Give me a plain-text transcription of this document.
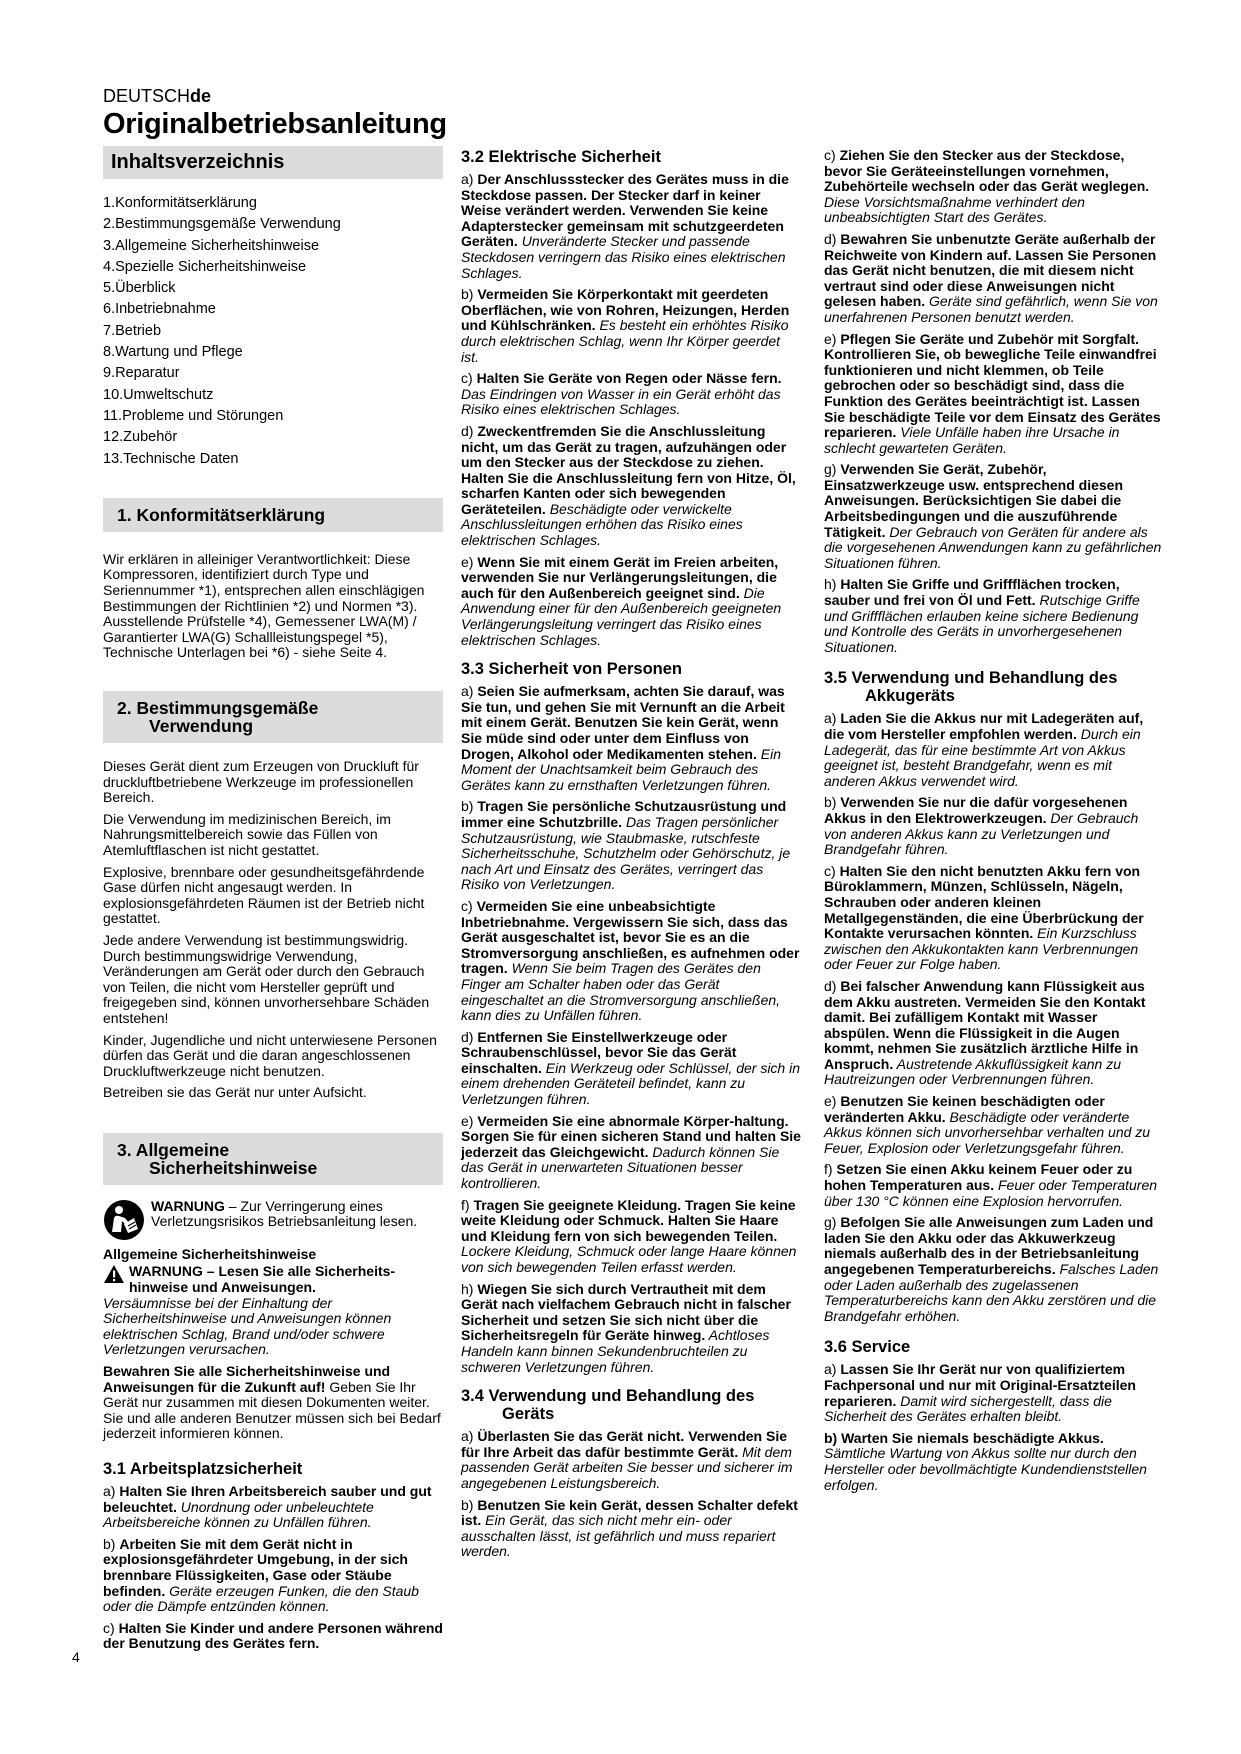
DEUTSCHde
Originalbetriebsanleitung
Inhaltsverzeichnis
1.Konformitätserklärung
2.Bestimmungsgemäße Verwendung
3.Allgemeine Sicherheitshinweise
4.Spezielle Sicherheitshinweise
5.Überblick
6.Inbetriebnahme
7.Betrieb
8.Wartung und Pflege
9.Reparatur
10.Umweltschutz
11.Probleme und Störungen
12.Zubehör
13.Technische Daten
1. Konformitätserklärung

Wir erklären in alleiniger Verantwortlichkeit: Diese Kompressoren, identifiziert durch Type und Seriennummer *1), entsprechen allen einschlägigen Bestimmungen der Richtlinien *2) und Normen *3). Ausstellende Prüfstelle *4), Gemessener LWA(M) / Garantierter LWA(G) Schallleistungspegel *5), Technische Unterlagen bei *6) - siehe Seite 4.

2. Bestimmungsgemäße
Verwendung

Dieses Gerät dient zum Erzeugen von Druckluft für druckluftbetriebene Werkzeuge im professionellen Bereich.

Die Verwendung im medizinischen Bereich, im Nahrungsmittelbereich sowie das Füllen von Atemluftflaschen ist nicht gestattet.

Explosive, brennbare oder gesundheitsgefährdende Gase dürfen nicht angesaugt werden. In explosionsgefährdeten Räumen ist der Betrieb nicht gestattet.

Jede andere Verwendung ist bestimmungswidrig. Durch bestimmungswidrige Verwendung, Veränderungen am Gerät oder durch den Gebrauch von Teilen, die nicht vom Hersteller geprüft und freigegeben sind, können unvorhersehbare Schäden entstehen!

Kinder, Jugendliche und nicht unterwiesene Personen dürfen das Gerät und die daran angeschlossenen Druckluftwerkzeuge nicht benutzen.

Betreiben sie das Gerät nur unter Aufsicht.

3. Allgemeine
Sicherheitshinweise
WARNUNG – Zur Verringerung eines Verletzungsrisikos Betriebsanleitung lesen.

Allgemeine Sicherheitshinweise

WARNUNG – Lesen Sie alle Sicherheits-hinweise und Anweisungen.
Versäumnisse bei der Einhaltung der Sicherheitshinweise und Anweisungen können elektrischen Schlag, Brand und/oder schwere Verletzungen verursachen.

Bewahren Sie alle Sicherheitshinweise und Anweisungen für die Zukunft auf! Geben Sie Ihr Gerät nur zusammen mit diesen Dokumenten weiter. Sie und alle anderen Benutzer müssen sich bei Bedarf jederzeit informieren können.

3.1 Arbeitsplatzsicherheit

a) Halten Sie Ihren Arbeitsbereich sauber und gut beleuchtet. Unordnung oder unbeleuchtete Arbeitsbereiche können zu Unfällen führen.

b) Arbeiten Sie mit dem Gerät nicht in explosionsgefährdeter Umgebung, in der sich brennbare Flüssigkeiten, Gase oder Stäube befinden. Geräte erzeugen Funken, die den Staub oder die Dämpfe entzünden können.

c) Halten Sie Kinder und andere Personen während der Benutzung des Gerätes fern.

3.2 Elektrische Sicherheit

a) Der Anschlussstecker des Gerätes muss in die Steckdose passen. Der Stecker darf in keiner Weise verändert werden. Verwenden Sie keine Adapterstecker gemeinsam mit schutzgeerdeten Geräten. Unveränderte Stecker und passende Steckdosen verringern das Risiko eines elektrischen Schlages.

b) Vermeiden Sie Körperkontakt mit geerdeten Oberflächen, wie von Rohren, Heizungen, Herden und Kühlschränken. Es besteht ein erhöhtes Risiko durch elektrischen Schlag, wenn Ihr Körper geerdet ist.

c) Halten Sie Geräte von Regen oder Nässe fern. Das Eindringen von Wasser in ein Gerät erhöht das Risiko eines elektrischen Schlages.

d) Zweckentfremden Sie die Anschlussleitung nicht, um das Gerät zu tragen, aufzuhängen oder um den Stecker aus der Steckdose zu ziehen. Halten Sie die Anschlussleitung fern von Hitze, Öl, scharfen Kanten oder sich bewegenden Geräteteilen. Beschädigte oder verwickelte Anschlussleitungen erhöhen das Risiko eines elektrischen Schlages.

e) Wenn Sie mit einem Gerät im Freien arbeiten, verwenden Sie nur Verlängerungsleitungen, die auch für den Außenbereich geeignet sind. Die Anwendung einer für den Außenbereich geeigneten Verlängerungsleitung verringert das Risiko eines elektrischen Schlages.

3.3 Sicherheit von Personen

a) Seien Sie aufmerksam, achten Sie darauf, was Sie tun, und gehen Sie mit Vernunft an die Arbeit mit einem Gerät. Benutzen Sie kein Gerät, wenn Sie müde sind oder unter dem Einfluss von Drogen, Alkohol oder Medikamenten stehen. Ein Moment der Unachtsamkeit beim Gebrauch des Gerätes kann zu ernsthaften Verletzungen führen.

b) Tragen Sie persönliche Schutzausrüstung und immer eine Schutzbrille. Das Tragen persönlicher Schutzausrüstung, wie Staubmaske, rutschfeste Sicherheitsschuhe, Schutzhelm oder Gehörschutz, je nach Art und Einsatz des Gerätes, verringert das Risiko von Verletzungen.

c) Vermeiden Sie eine unbeabsichtigte Inbetriebnahme. Vergewissern Sie sich, dass das Gerät ausgeschaltet ist, bevor Sie es an die Stromversorgung anschließen, es aufnehmen oder tragen. Wenn Sie beim Tragen des Gerätes den Finger am Schalter haben oder das Gerät eingeschaltet an die Stromversorgung anschließen, kann dies zu Unfällen führen.

d) Entfernen Sie Einstellwerkzeuge oder Schraubenschlüssel, bevor Sie das Gerät einschalten. Ein Werkzeug oder Schlüssel, der sich in einem drehenden Geräteteil befindet, kann zu Verletzungen führen.

e) Vermeiden Sie eine abnormale Körper-haltung. Sorgen Sie für einen sicheren Stand und halten Sie jederzeit das Gleichgewicht. Dadurch können Sie das Gerät in unerwarteten Situationen besser kontrollieren.

f) Tragen Sie geeignete Kleidung. Tragen Sie keine weite Kleidung oder Schmuck. Halten Sie Haare und Kleidung fern von sich bewegenden Teilen. Lockere Kleidung, Schmuck oder lange Haare können von sich bewegenden Teilen erfasst werden.

h) Wiegen Sie sich durch Vertrautheit mit dem Gerät nach vielfachem Gebrauch nicht in falscher Sicherheit und setzen Sie sich nicht über die Sicherheitsregeln für Geräte hinweg. Achtloses Handeln kann binnen Sekundenbruchteilen zu schweren Verletzungen führen.

3.4 Verwendung und Behandlung des
Geräts

a) Überlasten Sie das Gerät nicht. Verwenden Sie für Ihre Arbeit das dafür bestimmte Gerät. Mit dem passenden Gerät arbeiten Sie besser und sicherer im angegebenen Leistungsbereich.

b) Benutzen Sie kein Gerät, dessen Schalter defekt ist. Ein Gerät, das sich nicht mehr ein- oder ausschalten lässt, ist gefährlich und muss repariert werden.

c) Ziehen Sie den Stecker aus der Steckdose, bevor Sie Geräteeinstellungen vornehmen, Zubehörteile wechseln oder das Gerät weglegen. Diese Vorsichtsmaßnahme verhindert den unbeabsichtigten Start des Gerätes.

d) Bewahren Sie unbenutzte Geräte außerhalb der Reichweite von Kindern auf. Lassen Sie Personen das Gerät nicht benutzen, die mit diesem nicht vertraut sind oder diese Anweisungen nicht gelesen haben. Geräte sind gefährlich, wenn Sie von unerfahrenen Personen benutzt werden.

e) Pflegen Sie Geräte und Zubehör mit Sorgfalt. Kontrollieren Sie, ob bewegliche Teile einwandfrei funktionieren und nicht klemmen, ob Teile gebrochen oder so beschädigt sind, dass die Funktion des Gerätes beeinträchtigt ist. Lassen Sie beschädigte Teile vor dem Einsatz des Gerätes reparieren. Viele Unfälle haben ihre Ursache in schlecht gewarteten Geräten.

g) Verwenden Sie Gerät, Zubehör, Einsatzwerkzeuge usw. entsprechend diesen Anweisungen. Berücksichtigen Sie dabei die Arbeitsbedingungen und die auszuführende Tätigkeit. Der Gebrauch von Geräten für andere als die vorgesehenen Anwendungen kann zu gefährlichen Situationen führen.

h) Halten Sie Griffe und Griffflächen trocken, sauber und frei von Öl und Fett. Rutschige Griffe und Griffflächen erlauben keine sichere Bedienung und Kontrolle des Geräts in unvorhergesehenen Situationen.

3.5 Verwendung und Behandlung des
Akkugeräts

a) Laden Sie die Akkus nur mit Ladegeräten auf, die vom Hersteller empfohlen werden. Durch ein Ladegerät, das für eine bestimmte Art von Akkus geeignet ist, besteht Brandgefahr, wenn es mit anderen Akkus verwendet wird.

b) Verwenden Sie nur die dafür vorgesehenen Akkus in den Elektrowerkzeugen. Der Gebrauch von anderen Akkus kann zu Verletzungen und Brandgefahr führen.

c) Halten Sie den nicht benutzten Akku fern von Büroklammern, Münzen, Schlüsseln, Nägeln, Schrauben oder anderen kleinen Metallgegenständen, die eine Überbrückung der Kontakte verursachen könnten. Ein Kurzschluss zwischen den Akkukontakten kann Verbrennungen oder Feuer zur Folge haben.

d) Bei falscher Anwendung kann Flüssigkeit aus dem Akku austreten. Vermeiden Sie den Kontakt damit. Bei zufälligem Kontakt mit Wasser abspülen. Wenn die Flüssigkeit in die Augen kommt, nehmen Sie zusätzlich ärztliche Hilfe in Anspruch. Austretende Akkuflüssigkeit kann zu Hautreizungen oder Verbrennungen führen.

e) Benutzen Sie keinen beschädigten oder veränderten Akku. Beschädigte oder veränderte Akkus können sich unvorhersehbar verhalten und zu Feuer, Explosion oder Verletzungsgefahr führen.

f) Setzen Sie einen Akku keinem Feuer oder zu hohen Temperaturen aus. Feuer oder Temperaturen über 130 °C können eine Explosion hervorrufen.

g) Befolgen Sie alle Anweisungen zum Laden und laden Sie den Akku oder das Akkuwerkzeug niemals außerhalb des in der Betriebsanleitung angegebenen Temperaturbereichs. Falsches Laden oder Laden außerhalb des zugelassenen Temperaturbereichs kann den Akku zerstören und die Brandgefahr erhöhen.

3.6 Service

a) Lassen Sie Ihr Gerät nur von qualifiziertem Fachpersonal und nur mit Original-Ersatzteilen reparieren. Damit wird sichergestellt, dass die Sicherheit des Gerätes erhalten bleibt.

b) Warten Sie niemals beschädigte Akkus. Sämtliche Wartung von Akkus sollte nur durch den Hersteller oder bevollmächtigte Kundendienststellen erfolgen.

4
